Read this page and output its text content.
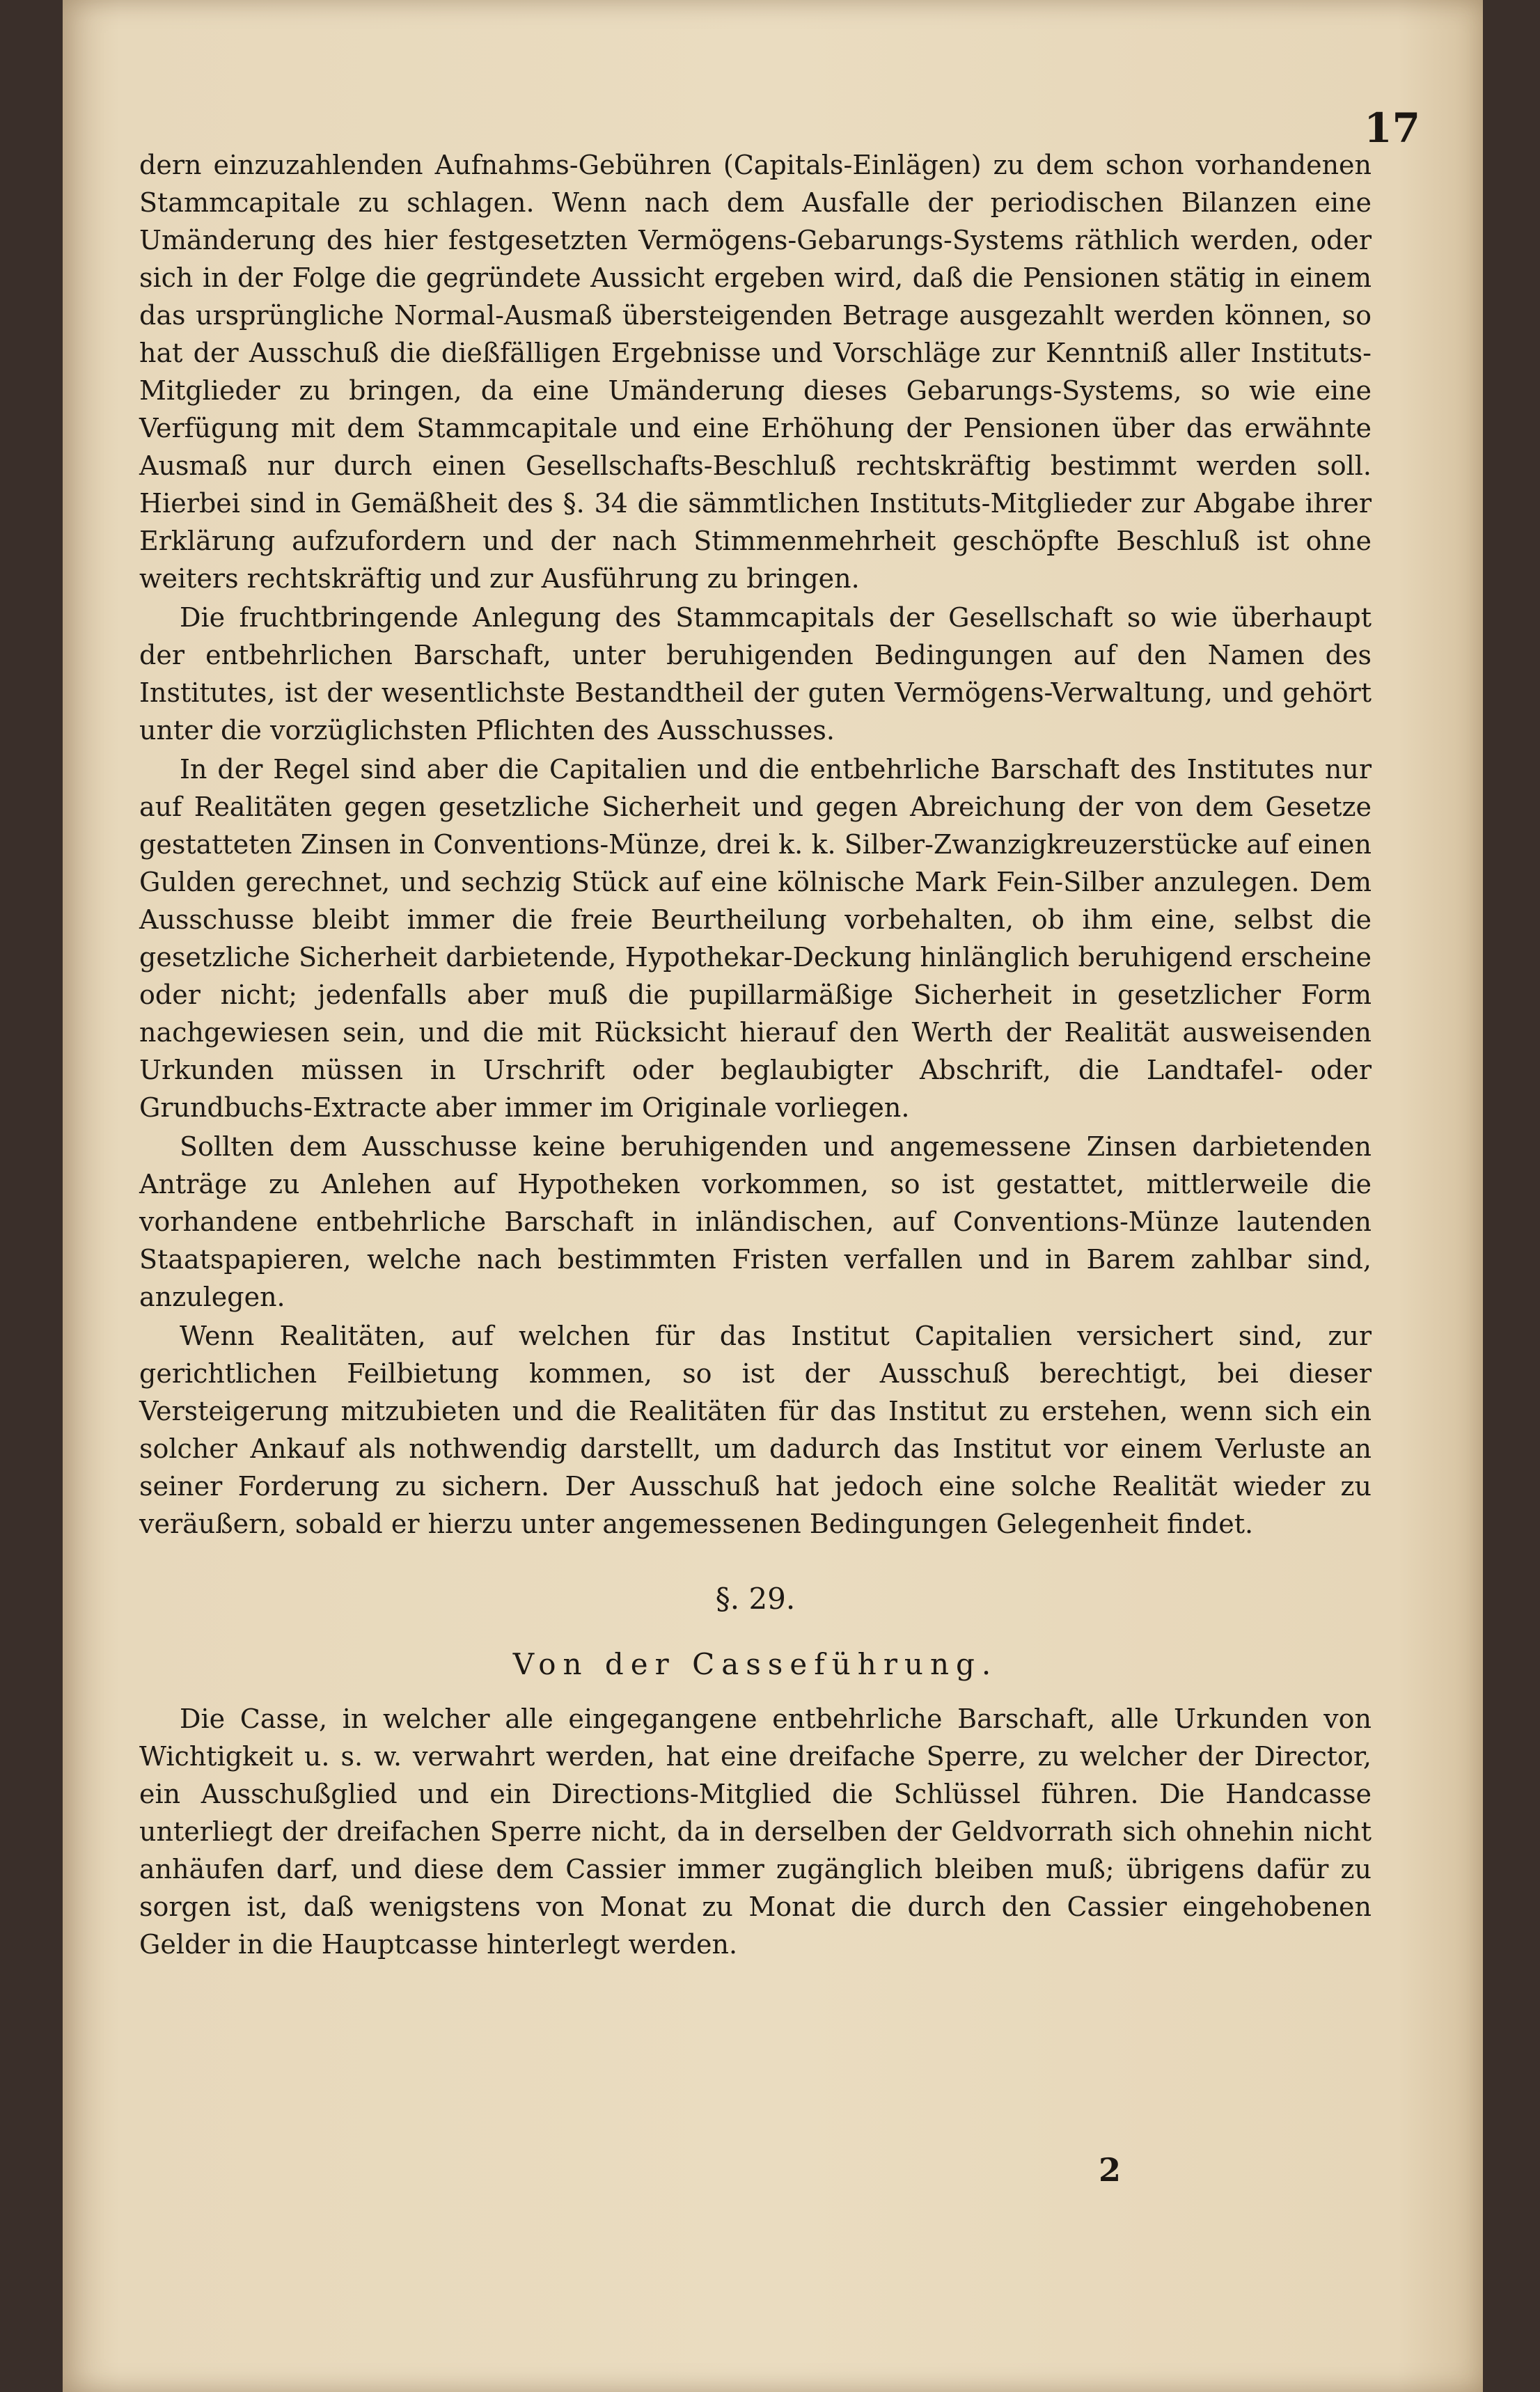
17

dern einzuzahlenden Aufnahms-Gebühren (Capitals-Einlägen) zu dem schon vorhandenen Stammcapitale zu schlagen. Wenn nach dem Ausfalle der periodischen Bilanzen eine Umänderung des hier festgesetzten Vermögens-Gebarungs-Systems räthlich werden, oder sich in der Folge die gegründete Aussicht ergeben wird, daß die Pensionen stätig in einem das ursprüngliche Normal-Ausmaß übersteigenden Betrage ausgezahlt werden können, so hat der Ausschuß die dießfälligen Ergebnisse und Vorschläge zur Kenntniß aller Instituts-Mitglieder zu bringen, da eine Umänderung dieses Gebarungs-Systems, so wie eine Verfügung mit dem Stammcapitale und eine Erhöhung der Pensionen über das erwähnte Ausmaß nur durch einen Gesellschafts-Beschluß rechtskräftig bestimmt werden soll. Hierbei sind in Gemäßheit des §. 34 die sämmtlichen Instituts-Mitglieder zur Abgabe ihrer Erklärung aufzufordern und der nach Stimmenmehrheit geschöpfte Beschluß ist ohne weiters rechtskräftig und zur Ausführung zu bringen.

Die fruchtbringende Anlegung des Stammcapitals der Gesellschaft so wie überhaupt der entbehrlichen Barschaft, unter beruhigenden Bedingungen auf den Namen des Institutes, ist der wesentlichste Bestandtheil der guten Vermögens-Verwaltung, und gehört unter die vorzüglichsten Pflichten des Ausschusses.

In der Regel sind aber die Capitalien und die entbehrliche Barschaft des Institutes nur auf Realitäten gegen gesetzliche Sicherheit und gegen Abreichung der von dem Gesetze gestatteten Zinsen in Conventions-Münze, drei k. k. Silber-Zwanzigkreuzerstücke auf einen Gulden gerechnet, und sechzig Stück auf eine kölnische Mark Fein-Silber anzulegen. Dem Ausschusse bleibt immer die freie Beurtheilung vorbehalten, ob ihm eine, selbst die gesetzliche Sicherheit darbietende, Hypothekar-Deckung hinlänglich beruhigend erscheine oder nicht; jedenfalls aber muß die pupillarmäßige Sicherheit in gesetzlicher Form nachgewiesen sein, und die mit Rücksicht hierauf den Werth der Realität ausweisenden Urkunden müssen in Urschrift oder beglaubigter Abschrift, die Landtafel- oder Grundbuchs-Extracte aber immer im Originale vorliegen.

Sollten dem Ausschusse keine beruhigenden und angemessene Zinsen darbietenden Anträge zu Anlehen auf Hypotheken vorkommen, so ist gestattet, mittlerweile die vorhandene entbehrliche Barschaft in inländischen, auf Conventions-Münze lautenden Staatspapieren, welche nach bestimmten Fristen verfallen und in Barem zahlbar sind, anzulegen.

Wenn Realitäten, auf welchen für das Institut Capitalien versichert sind, zur gerichtlichen Feilbietung kommen, so ist der Ausschuß berechtigt, bei dieser Versteigerung mitzubieten und die Realitäten für das Institut zu erstehen, wenn sich ein solcher Ankauf als nothwendig darstellt, um dadurch das Institut vor einem Verluste an seiner Forderung zu sichern. Der Ausschuß hat jedoch eine solche Realität wieder zu veräußern, sobald er hierzu unter angemessenen Bedingungen Gelegenheit findet.

§. 29.
Von der Casseführung.

Die Casse, in welcher alle eingegangene entbehrliche Barschaft, alle Urkunden von Wichtigkeit u. s. w. verwahrt werden, hat eine dreifache Sperre, zu welcher der Director, ein Ausschußglied und ein Directions-Mitglied die Schlüssel führen. Die Handcasse unterliegt der dreifachen Sperre nicht, da in derselben der Geldvorrath sich ohnehin nicht anhäufen darf, und diese dem Cassier immer zugänglich bleiben muß; übrigens dafür zu sorgen ist, daß wenigstens von Monat zu Monat die durch den Cassier eingehobenen Gelder in die Hauptcasse hinterlegt werden.

2
